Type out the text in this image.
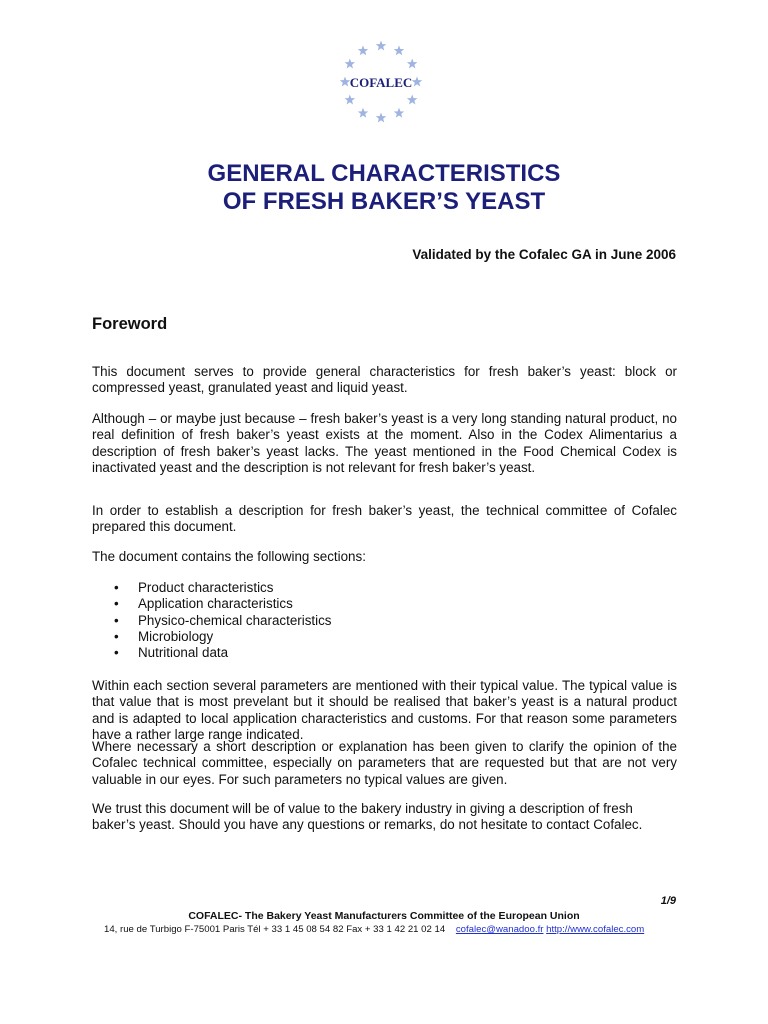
COFALEC
GENERAL CHARACTERISTICS
OF FRESH BAKER’S YEAST

Validated by the Cofalec GA in June 2006

Foreword

This document serves to provide general characteristics for fresh baker’s yeast: block or compressed yeast, granulated yeast and liquid yeast.

Although – or maybe just because – fresh baker’s yeast is a very long standing natural product, no real definition of fresh baker’s yeast exists at the moment. Also in the Codex Alimentarius a description of fresh baker’s yeast lacks. The yeast mentioned in the Food Chemical Codex is inactivated yeast and the description is not relevant for fresh baker’s yeast.

In order to establish a description for fresh baker’s yeast, the technical committee of Cofalec prepared this document.

The document contains the following sections:

• Product characteristics
• Application characteristics
• Physico-chemical characteristics
• Microbiology
• Nutritional data

Within each section several parameters are mentioned with their typical value. The typical value is that value that is most prevelant but it should be realised that baker’s yeast is a natural product and is adapted to local application characteristics and customs. For that reason some parameters have a rather large range indicated.

Where necessary a short description or explanation has been given to clarify the opinion of the Cofalec technical committee, especially on parameters that are requested but that are not very valuable in our eyes. For such parameters no typical values are given.

We trust this document will be of value to the bakery industry in giving a description of fresh baker’s yeast. Should you have any questions or remarks, do not hesitate to contact Cofalec.

1/9

COFALEC- The Bakery Yeast Manufacturers Committee of the European Union

14, rue de Turbigo F-75001 Paris Tél + 33 1 45 08 54 82 Fax + 33 1 42 21 02 14 cofalec@wanadoo.fr http://www.cofalec.com
